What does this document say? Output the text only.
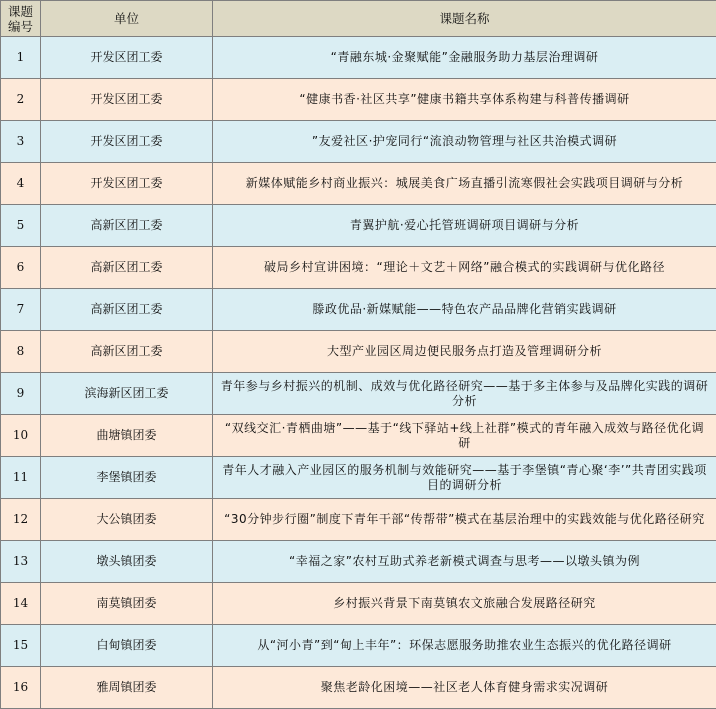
课题
编号	单位	课题名称
1	开发区团工委	“青融东城·金聚赋能”金融服务助力基层治理调研
2	开发区团工委	“健康书香·社区共享”健康书籍共享体系构建与科普传播调研
3	开发区团工委	”友爱社区·护宠同行“流浪动物管理与社区共治模式调研
4	开发区团工委	新媒体赋能乡村商业振兴：城展美食广场直播引流寒假社会实践项目调研与分析
5	高新区团工委	青翼护航·爱心托管班调研项目调研与分析
6	高新区团工委	破局乡村宣讲困境：“理论＋文艺＋网络”融合模式的实践调研与优化路径
7	高新区团工委	滕政优品·新媒赋能——特色农产品品牌化营销实践调研
8	高新区团工委	大型产业园区周边便民服务点打造及管理调研分析
9	滨海新区团工委	青年参与乡村振兴的机制、成效与优化路径研究——基于多主体参与及品牌化实践的调研分析
10	曲塘镇团委	“双线交汇·青栖曲塘”——基于“线下驿站+线上社群”模式的青年融入成效与路径优化调研
11	李堡镇团委	青年人才融入产业园区的服务机制与效能研究——基于李堡镇“青心聚‘李’”共青团实践项目的调研分析
12	大公镇团委	“30分钟步行圈”制度下青年干部“传帮带”模式在基层治理中的实践效能与优化路径研究
13	墩头镇团委	“幸福之家”农村互助式养老新模式调查与思考——以墩头镇为例
14	南莫镇团委	乡村振兴背景下南莫镇农文旅融合发展路径研究
15	白甸镇团委	从“河小青”到“甸上丰年”：环保志愿服务助推农业生态振兴的优化路径调研
16	雅周镇团委	聚焦老龄化困境——社区老人体育健身需求实况调研
